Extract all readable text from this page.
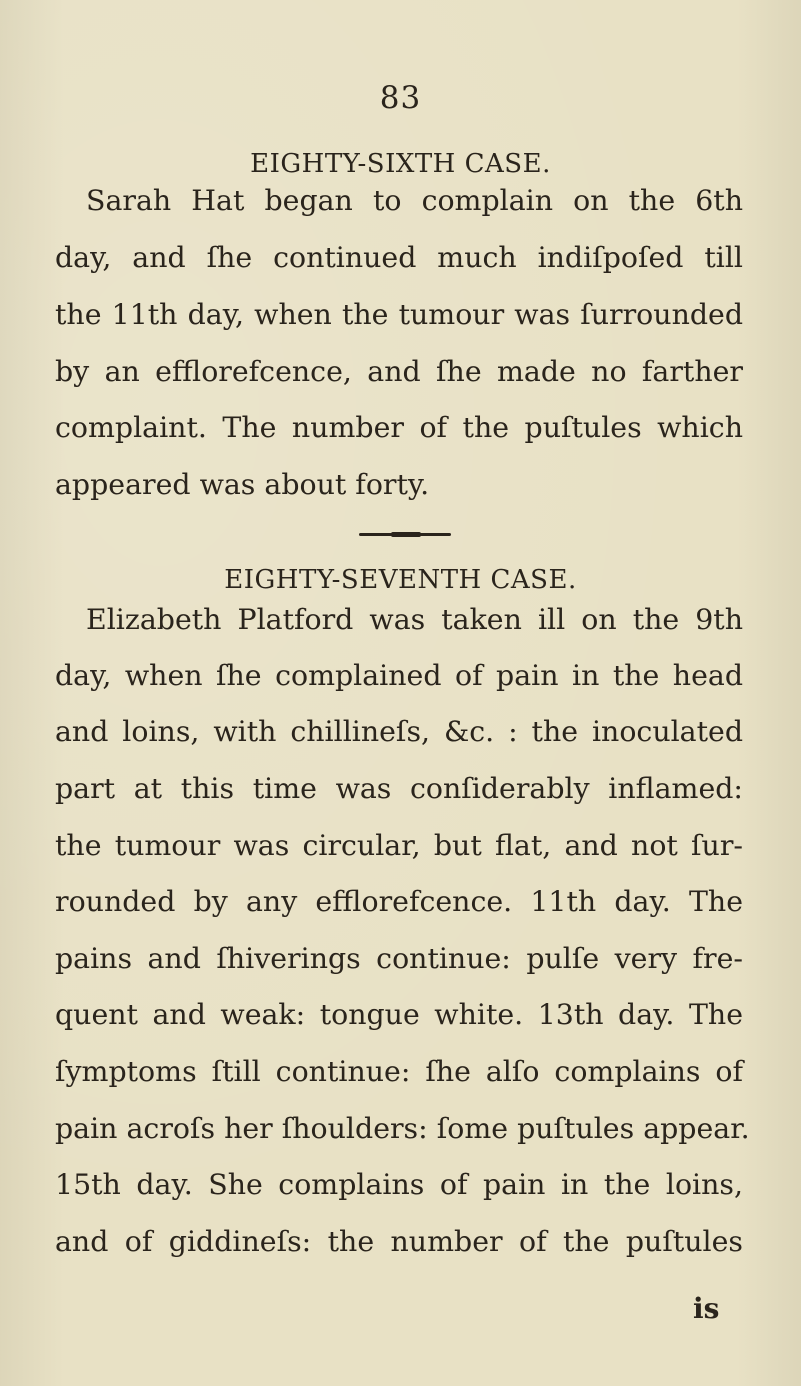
83
EIGHTY-SIXTH CASE.
Sarah Hat began to complain on the 6th
day, and ſhe continued much indiſpoſed till
the 11th day, when the tumour was ſurrounded
by an efflorefcence, and ſhe made no farther
complaint. The number of the puſtules which
appeared was about forty.
EIGHTY-SEVENTH CASE.
Elizabeth Platford was taken ill on the 9th
day, when ſhe complained of pain in the head
and loins, with chillineſs, &c. : the inoculated
part at this time was conſiderably inflamed:
the tumour was circular, but flat, and not ſur-
rounded by any efflorefcence. 11th day. The
pains and ſhiverings continue: pulſe very fre-
quent and weak: tongue white. 13th day. The
ſymptoms ſtill continue: ſhe alſo complains of
pain acroſs her ſhoulders: ſome puſtules appear.
15th day. She complains of pain in the loins,
and of giddineſs: the number of the puſtules
is
